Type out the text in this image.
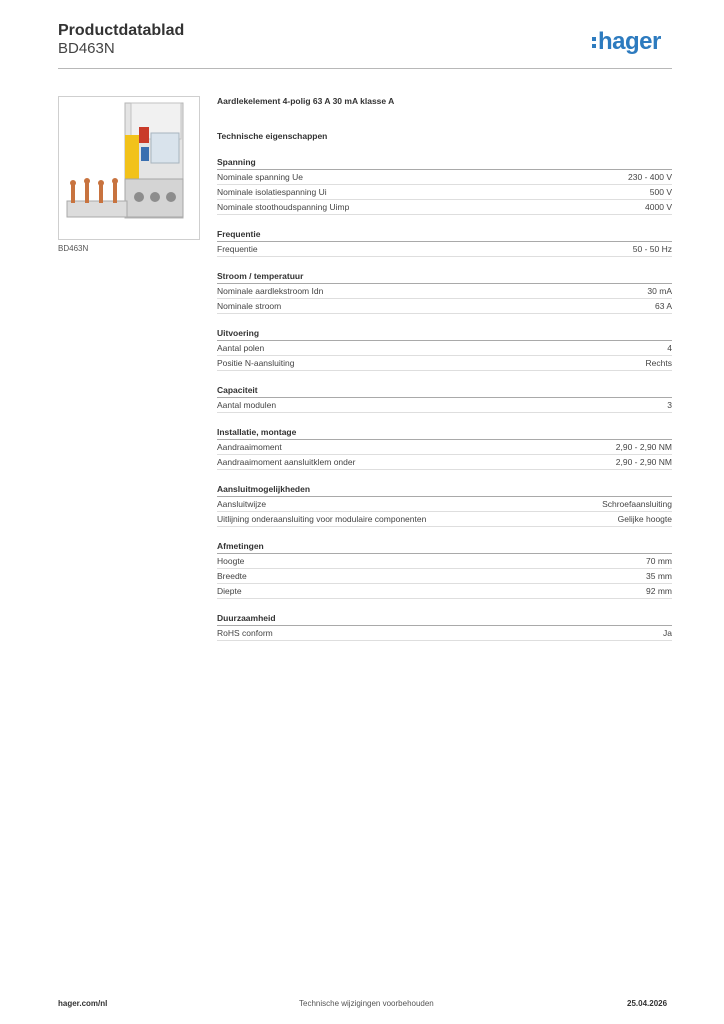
Productdatablad
BD463N	hager
BD463N
Aardlekelement 4-polig 63 A 30 mA klasse A
Technische eigenschappen
Spanning
Nominale spanning Ue	230 - 400 V
Nominale isolatiespanning Ui	500 V
Nominale stoothoudspanning Uimp	4000 V
Frequentie
Frequentie	50 - 50 Hz
Stroom / temperatuur
Nominale aardlekstroom Idn	30 mA
Nominale stroom	63 A
Uitvoering
Aantal polen	4
Positie N-aansluiting	Rechts
Capaciteit
Aantal modulen	3
Installatie, montage
Aandraaimoment	2,90 - 2,90 NM
Aandraaimoment aansluitklem onder	2,90 - 2,90 NM
Aansluitmogelijkheden
Aansluitwijze	Schroefaansluiting
Uitlijning onderaansluiting voor modulaire componenten	Gelijke hoogte
Afmetingen
Hoogte	70 mm
Breedte	35 mm
Diepte	92 mm
Duurzaamheid
RoHS conform	Ja
hager.com/nl	Technische wijzigingen voorbehouden	25.04.2026
